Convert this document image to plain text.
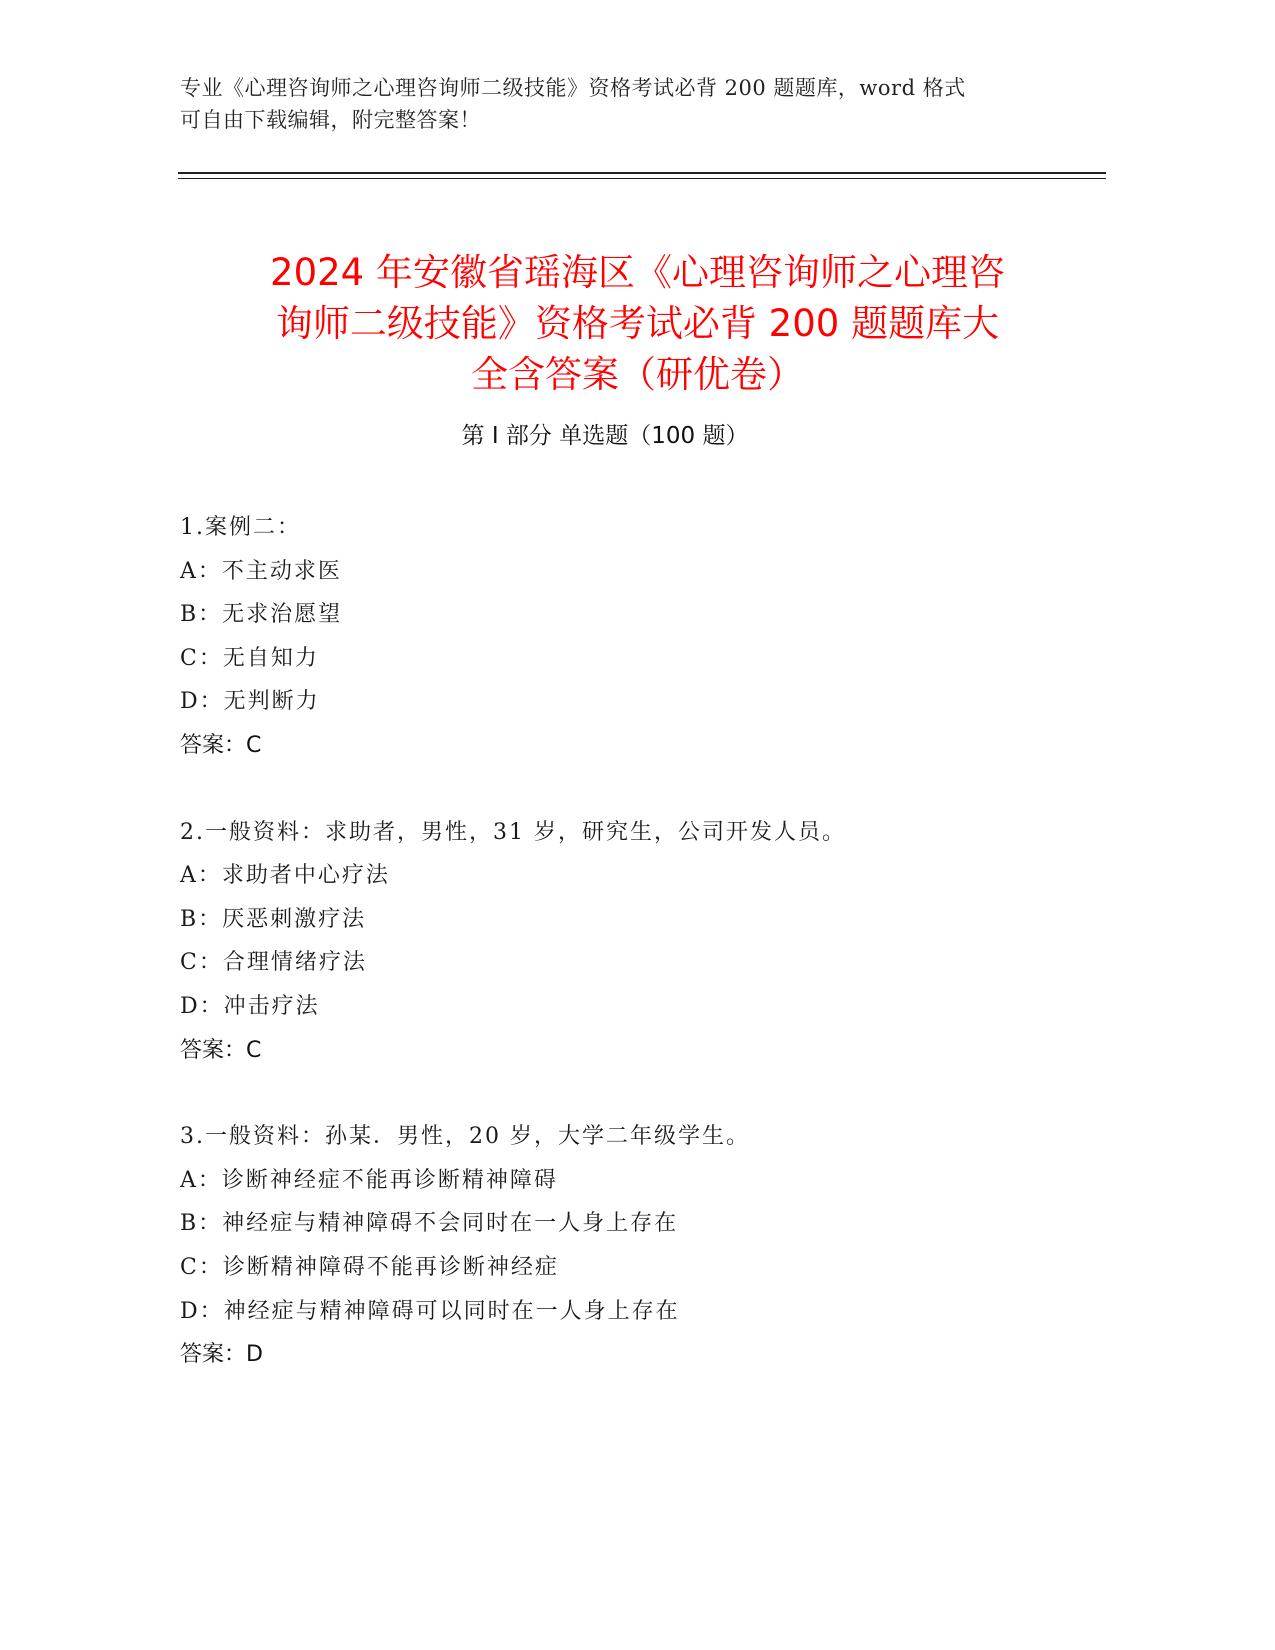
专业《心理咨询师之心理咨询师二级技能》资格考试必背 200 题题库，word 格式
可自由下载编辑，附完整答案！
2024 年安徽省瑶海区《心理咨询师之心理咨
询师二级技能》资格考试必背 200 题题库大
全含答案（研优卷）
第 I 部分 单选题（100 题）
1.案例二：
A：不主动求医
B：无求治愿望
C：无自知力
D：无判断力
答案：C
2.一般资料：求助者，男性，31 岁，研究生，公司开发人员。
A：求助者中心疗法
B：厌恶刺激疗法
C：合理情绪疗法
D：冲击疗法
答案：C
3.一般资料：孙某．男性，20 岁，大学二年级学生。
A：诊断神经症不能再诊断精神障碍
B：神经症与精神障碍不会同时在一人身上存在
C：诊断精神障碍不能再诊断神经症
D：神经症与精神障碍可以同时在一人身上存在
答案：D
